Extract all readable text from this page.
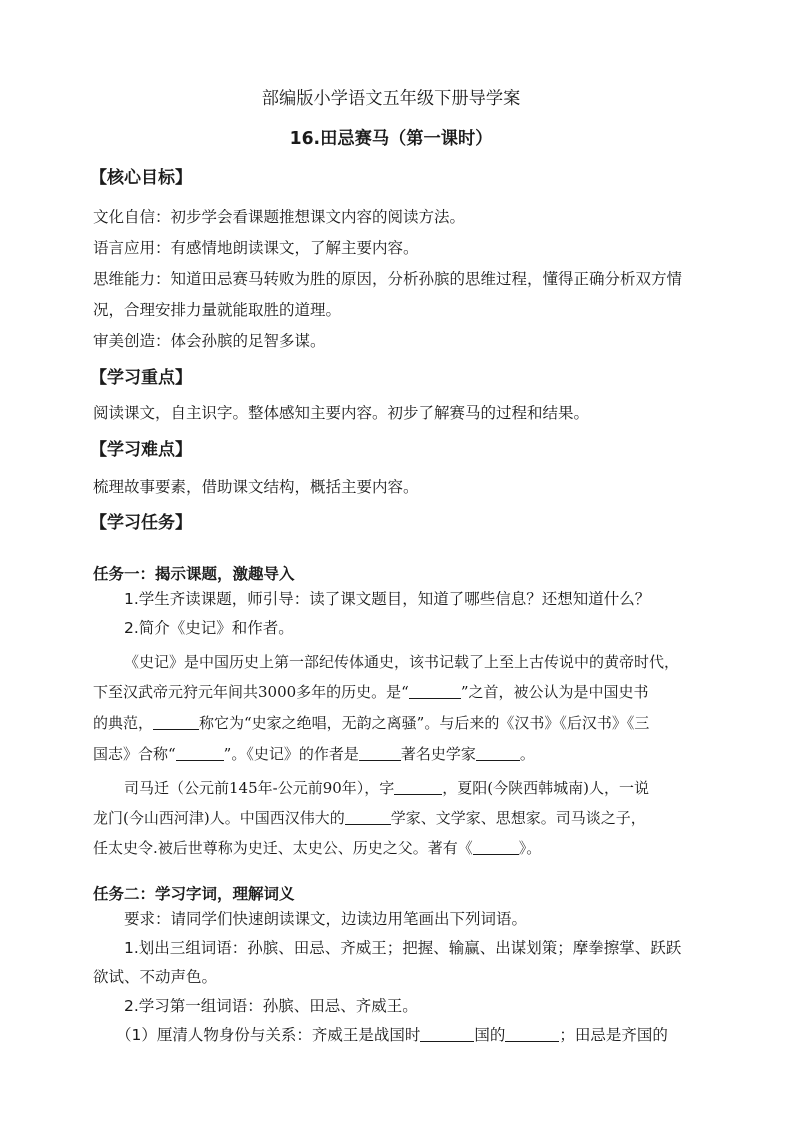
部编版小学语文五年级下册导学案
16.田忌赛马（第一课时）
【核心目标】
文化自信：初步学会看课题推想课文内容的阅读方法。
语言应用：有感情地朗读课文，了解主要内容。
思维能力：知道田忌赛马转败为胜的原因，分析孙膑的思维过程，懂得正确分析双方情
况，合理安排力量就能取胜的道理。
审美创造：体会孙膑的足智多谋。
【学习重点】
阅读课文，自主识字。整体感知主要内容。初步了解赛马的过程和结果。
【学习难点】
梳理故事要素，借助课文结构，概括主要内容。
【学习任务】
任务一：揭示课题，激趣导入
1.学生齐读课题，师引导：读了课文题目，知道了哪些信息？还想知道什么？
2.简介《史记》和作者。
《史记》是中国历史上第一部纪传体通史，该书记载了上至上古传说中的黄帝时代，
下至汉武帝元狩元年间共3000多年的历史。是“	”之首，被公认为是中国史书
的典范，	称它为“史家之绝唱，无韵之离骚”。与后来的《汉书》《后汉书》《三
国志》合称“	”。《史记》的作者是	著名史学家	。
司马迁（公元前145年-公元前90年），字	，夏阳(今陕西韩城南)人，一说
龙门(今山西河津)人。中国西汉伟大的	学家、文学家、思想家。司马谈之子，
任太史令.被后世尊称为史迁、太史公、历史之父。著有《	》。
任务二：学习字词，理解词义
要求：请同学们快速朗读课文，边读边用笔画出下列词语。
1.划出三组词语：孙膑、田忌、齐威王；把握、输赢、出谋划策；摩拳擦掌、跃跃
欲试、不动声色。
2.学习第一组词语：孙膑、田忌、齐威王。
（1）厘清人物身份与关系：齐威王是战国时	国的	；田忌是齐国的
